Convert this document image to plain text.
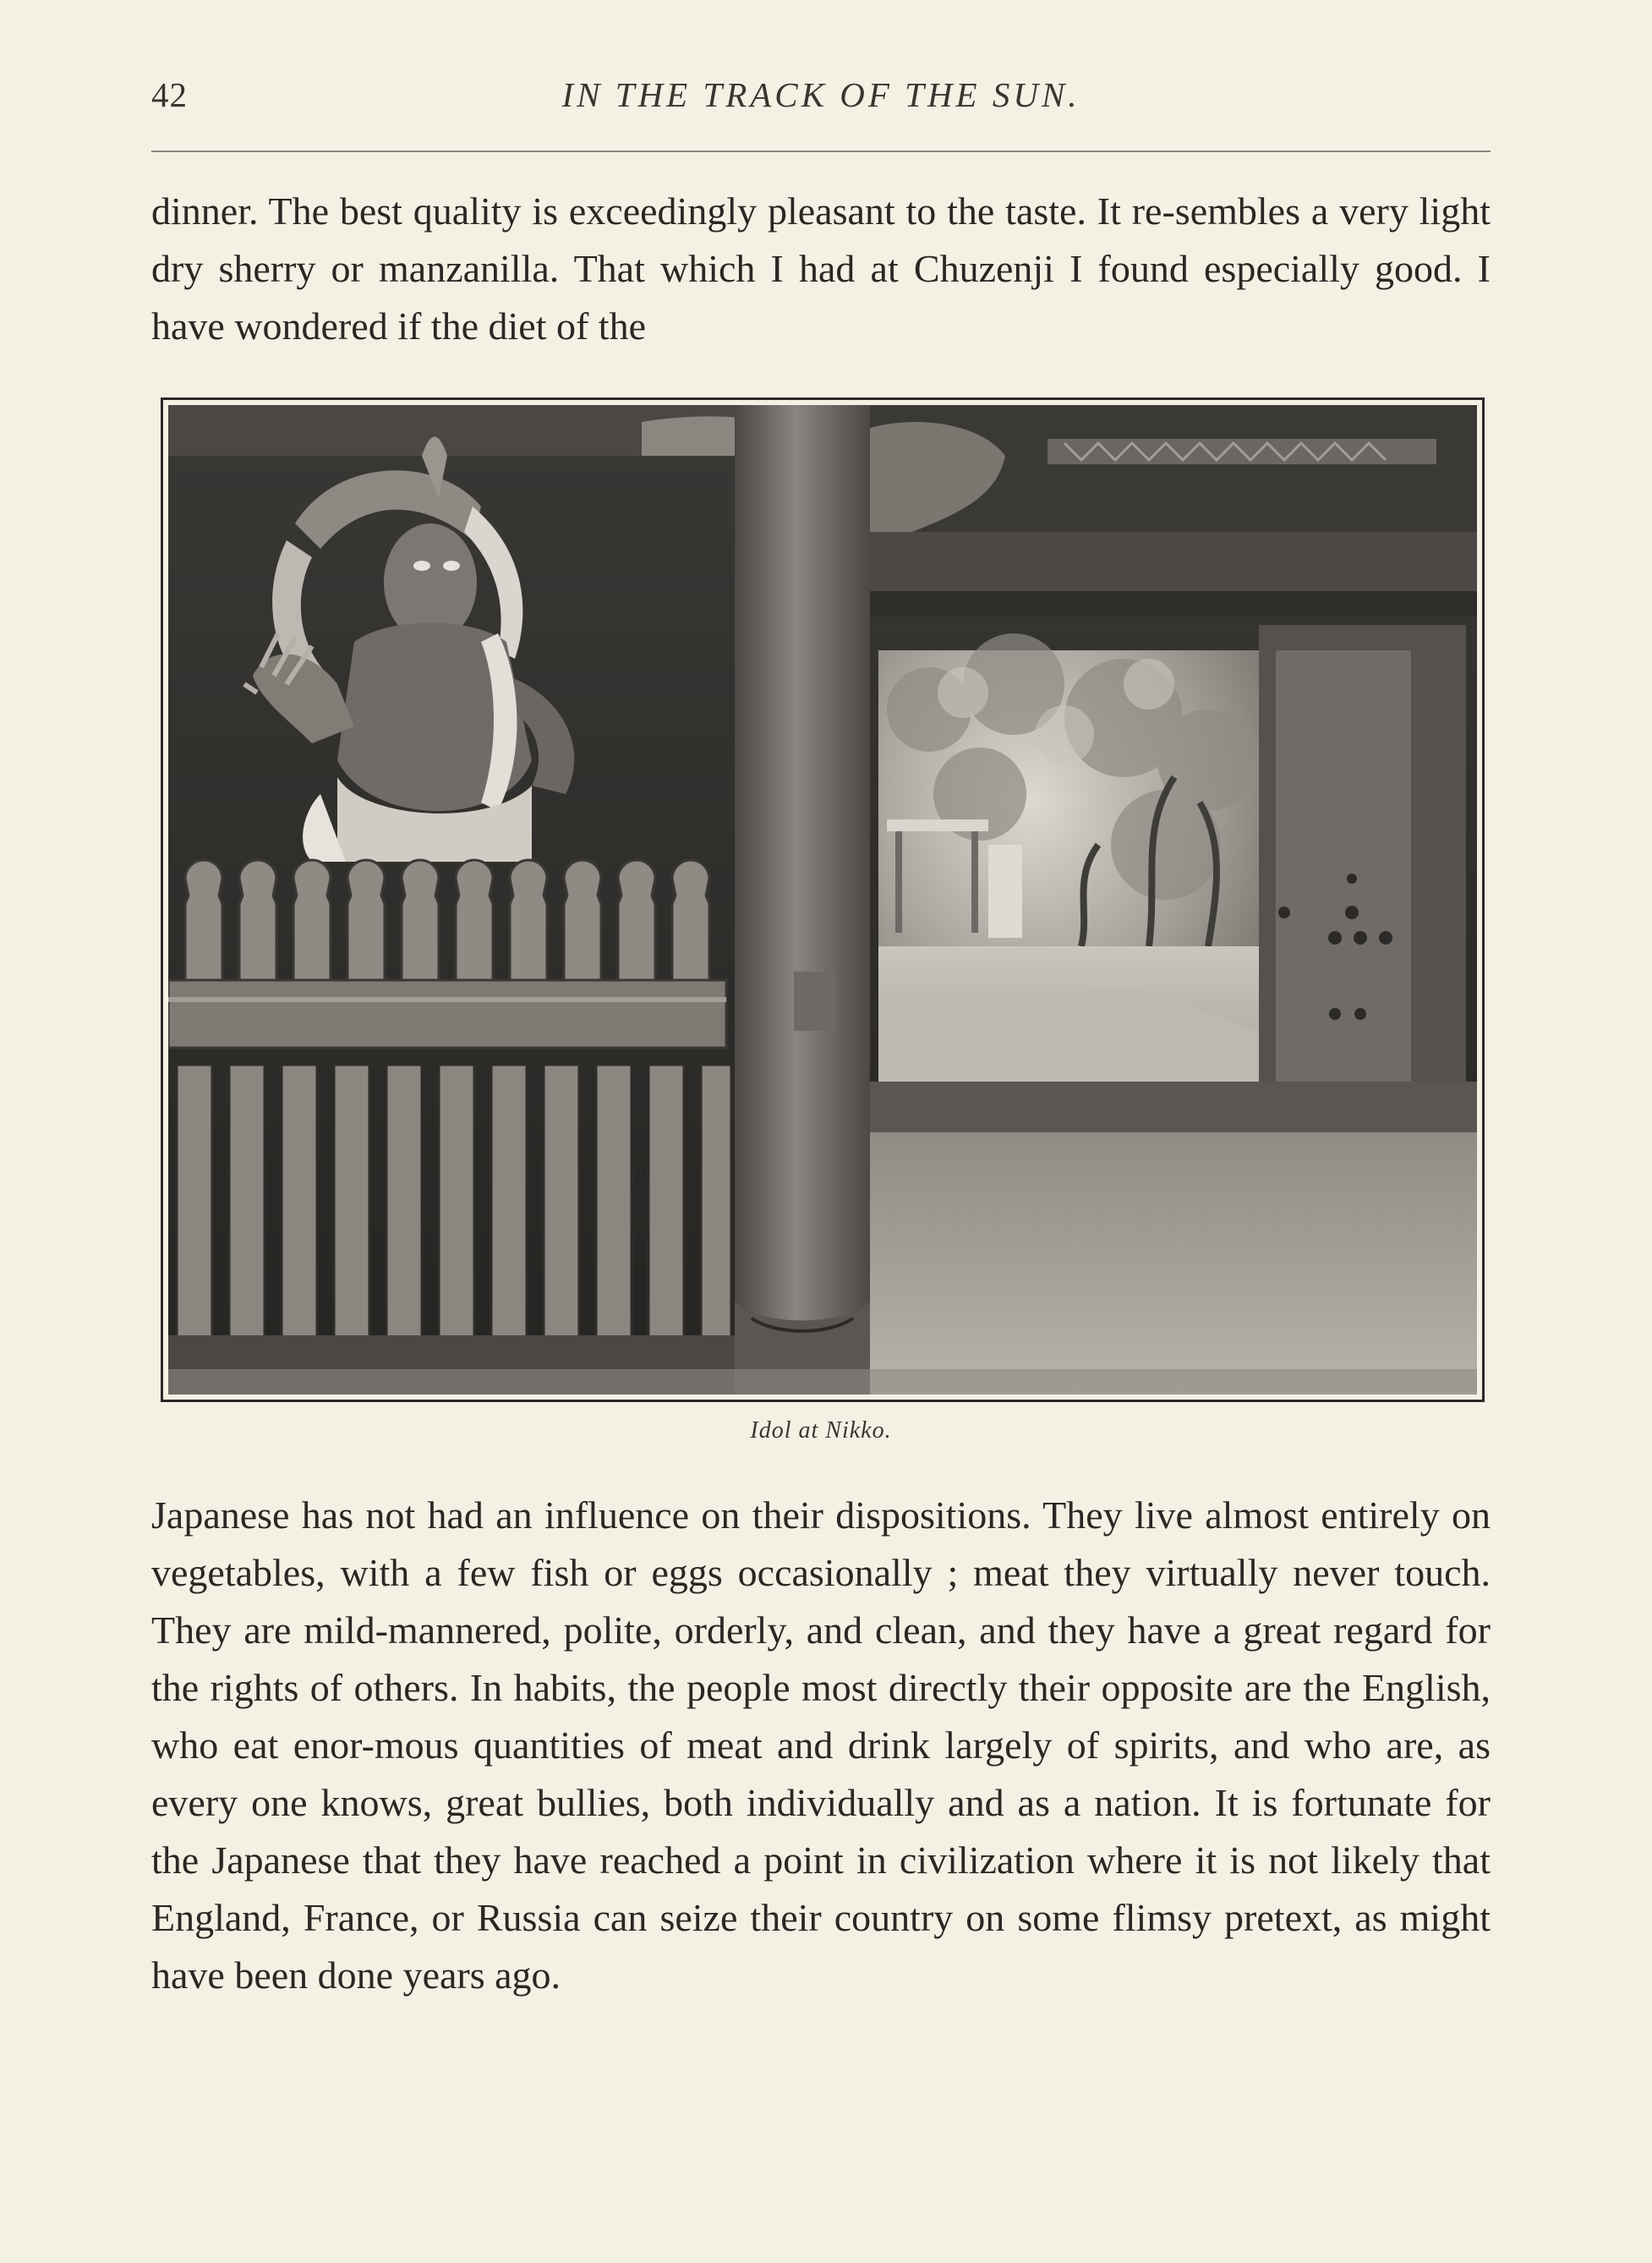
42	IN THE TRACK OF THE SUN.

dinner. The best quality is exceedingly pleasant to the taste. It re-sembles a very light dry sherry or manzanilla. That which I had at Chuzenji I found especially good. I have wondered if the diet of the

Idol at Nikko.

Japanese has not had an influence on their dispositions. They live almost entirely on vegetables, with a few fish or eggs occasionally ; meat they virtually never touch. They are mild-mannered, polite, orderly, and clean, and they have a great regard for the rights of others. In habits, the people most directly their opposite are the English, who eat enor-mous quantities of meat and drink largely of spirits, and who are, as every one knows, great bullies, both individually and as a nation. It is fortunate for the Japanese that they have reached a point in civilization where it is not likely that England, France, or Russia can seize their country on some flimsy pretext, as might have been done years ago.
